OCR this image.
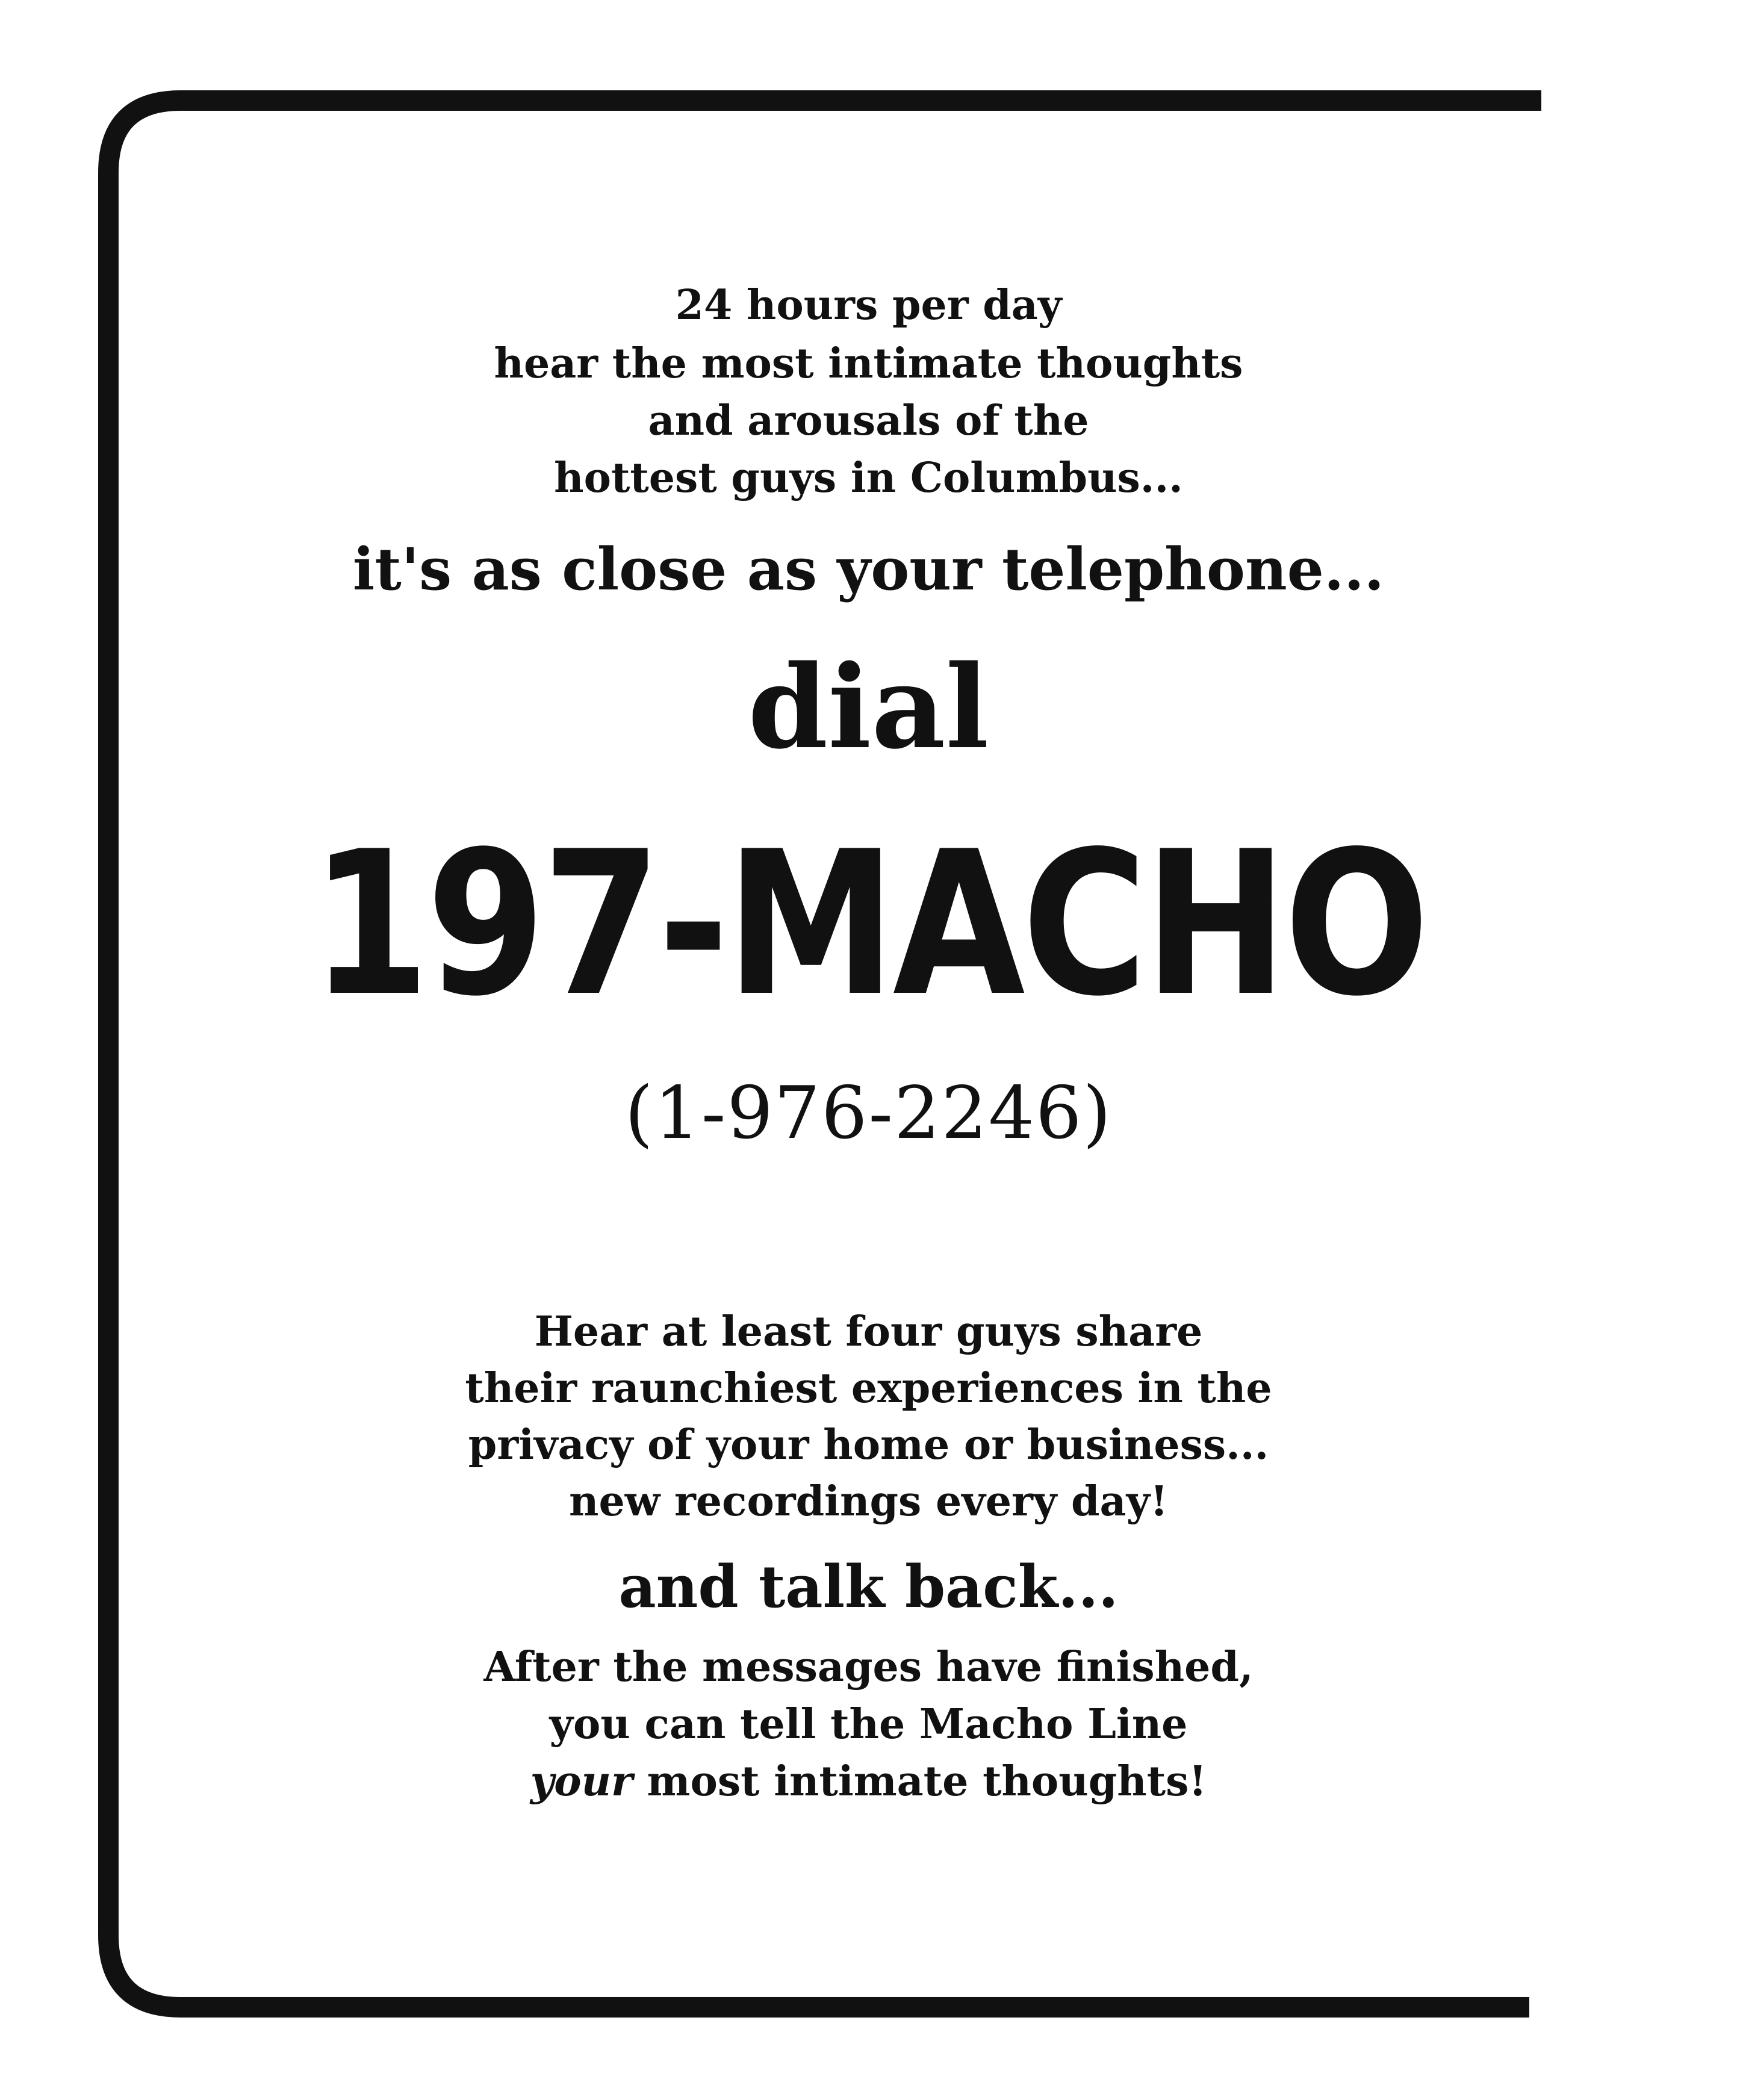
24 hours per day
hear the most intimate thoughts
and arousals of the
hottest guys in Columbus...
it's as close as your telephone...
dial
197-MACHO
(1-976-2246)
Hear at least four guys share
their raunchiest experiences in the
privacy of your home or business...
new recordings every day!
and talk back...
After the messages have finished,
you can tell the Macho Line
your most intimate thoughts!
